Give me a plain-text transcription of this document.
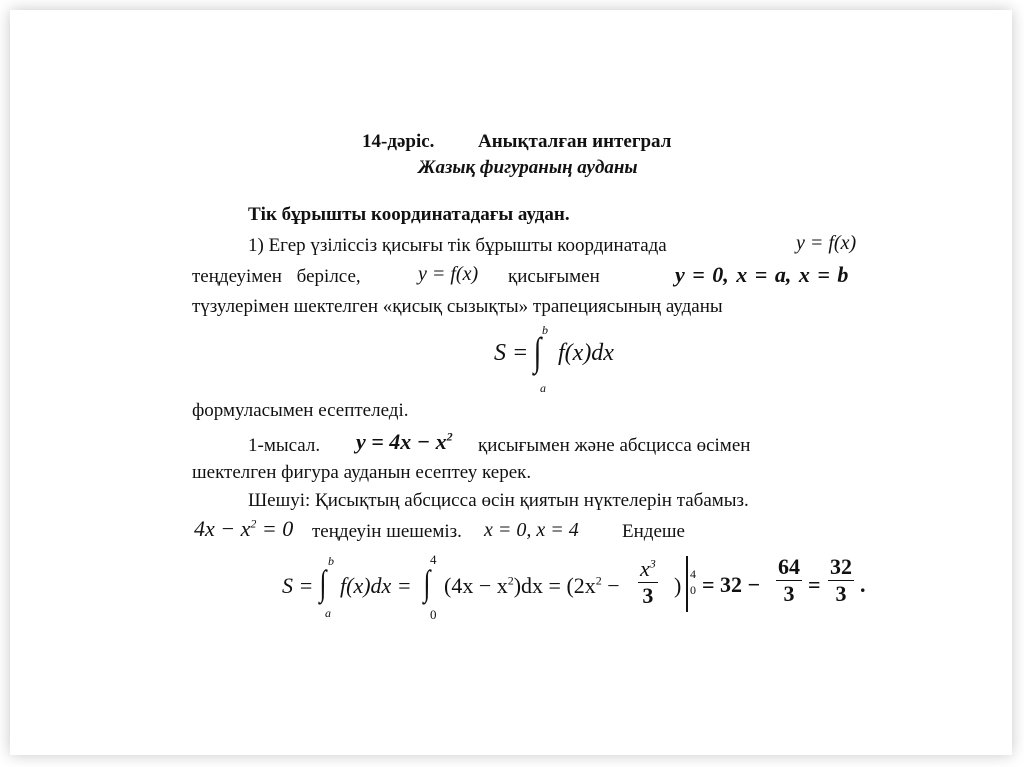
14-дәріс. Анықталған интеграл
Жазық фигураның ауданы
Тік бұрышты координатадағы аудан.
1) Егер үзіліссіз қисығы тік бұрышты координатада	y = f(x)
теңдеуімен берілсе,	y = f(x) қисығымен	y = 0, x = a, x = b
түзулерімен шектелген «қисық сызықты» трапециясының ауданы
S =
b
∫
a
f(x)dx
формуласымен есептеледі.
1-мысал. $y = 4x - x^2$ қисығымен және абсцисса өсімен
шектелген фигура ауданын есептеу керек.
Шешуі: Қисықтың абсцисса өсін қиятын нүктелерін табамыз.
$4x - x^2 = 0$ теңдеуін шешеміз. x = 0, x = 4 Ендеше
S =
b
∫
a
f(x)dx =
4
∫
0
$(4x - x^2)dx = (2x^2 - \frac{x^3}{3}$ ) 4
$0 = 32 - \frac{64}{3} = \frac{32}{3}$ .
